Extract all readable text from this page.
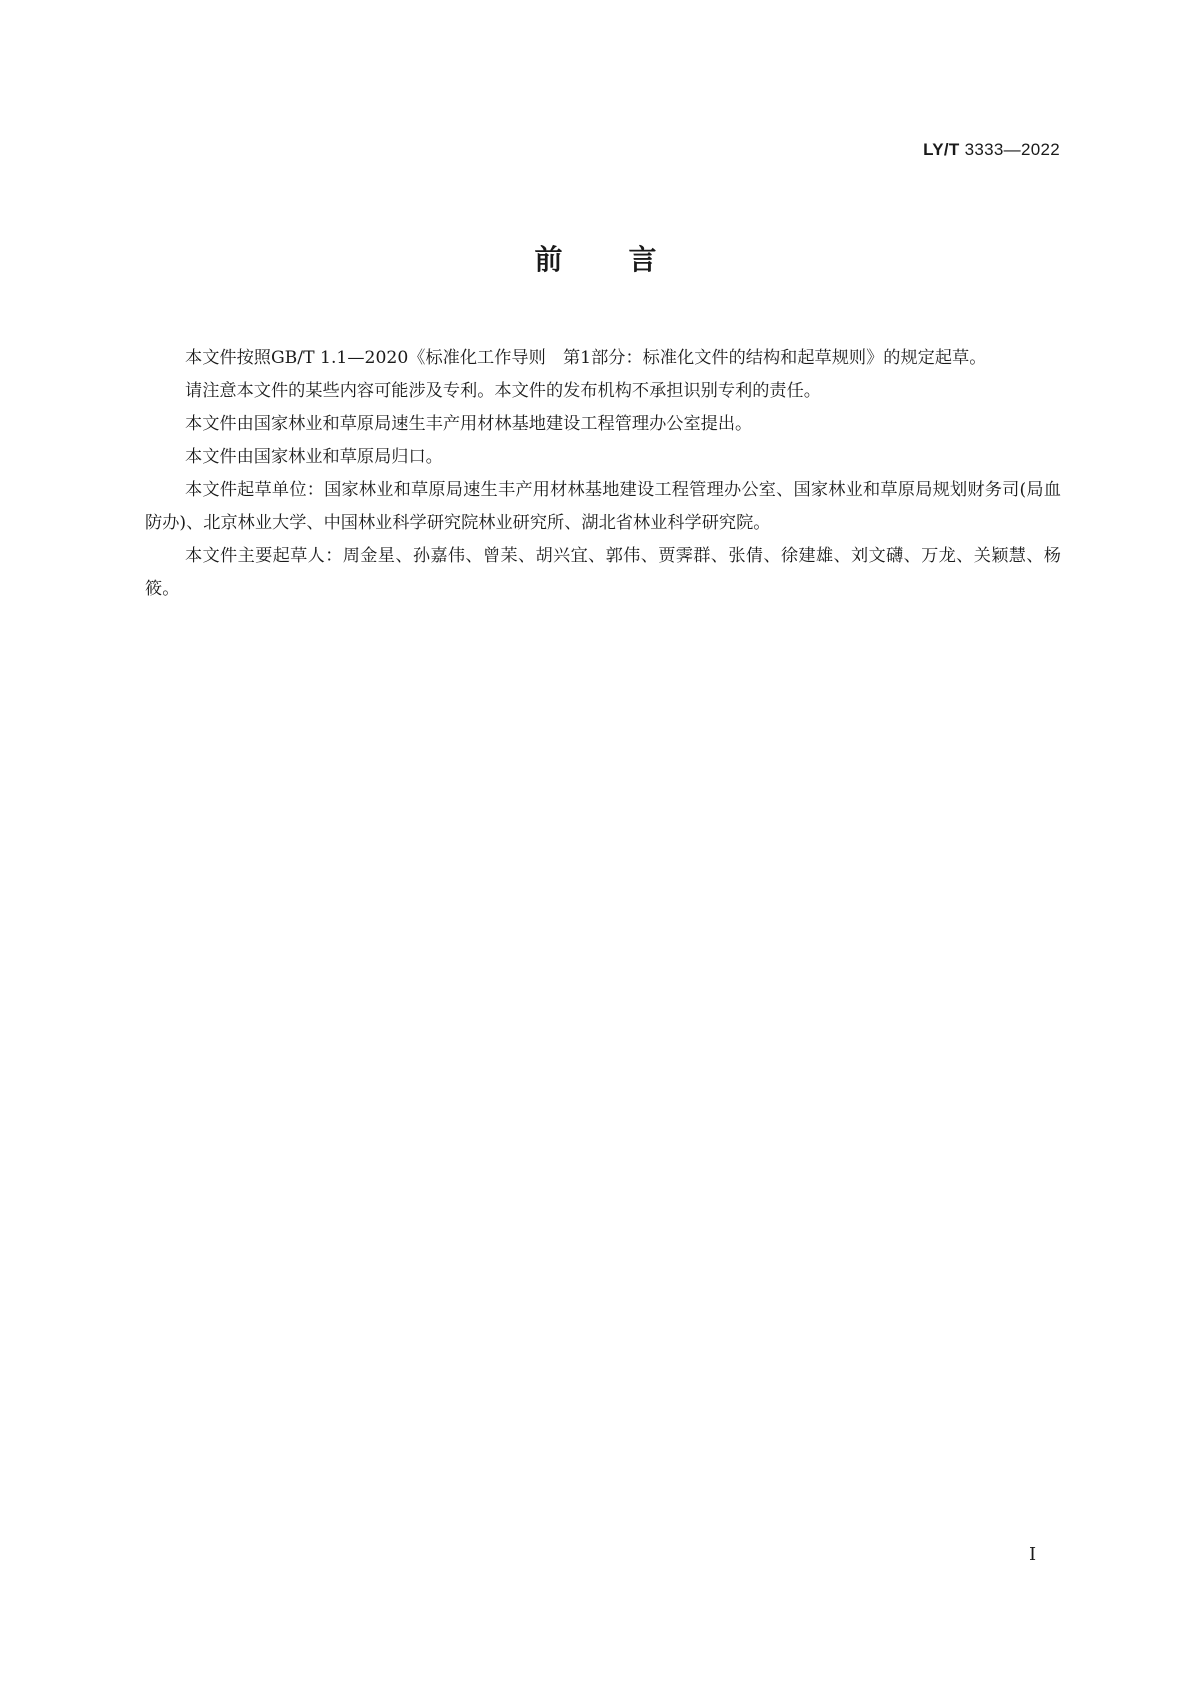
LY/T 3333—2022
前言

本文件按照GB/T 1.1—2020《标准化工作导则　第1部分：标准化文件的结构和起草规则》的规定起草。

请注意本文件的某些内容可能涉及专利。本文件的发布机构不承担识别专利的责任。

本文件由国家林业和草原局速生丰产用材林基地建设工程管理办公室提出。

本文件由国家林业和草原局归口。

本文件起草单位：国家林业和草原局速生丰产用材林基地建设工程管理办公室、国家林业和草原局规划财务司(局血防办)、北京林业大学、中国林业科学研究院林业研究所、湖北省林业科学研究院。

本文件主要起草人：周金星、孙嘉伟、曾苿、胡兴宜、郭伟、贾霁群、张倩、徐建雄、刘文礴、万龙、关颖慧、杨筱。

I
